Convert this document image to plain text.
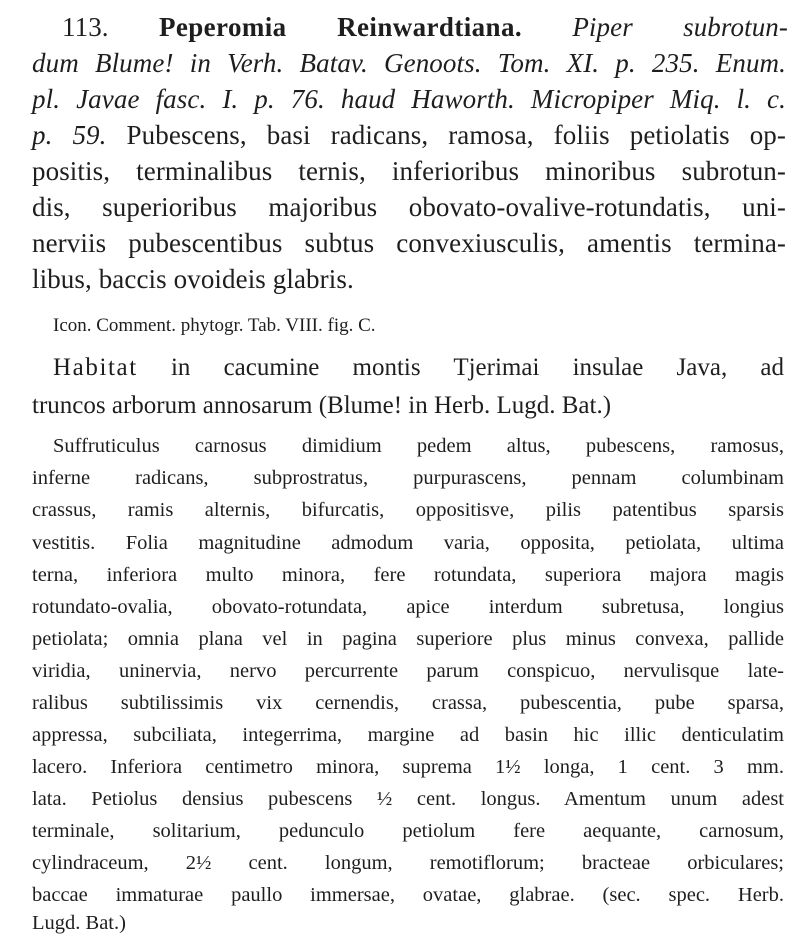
113. Peperomia Reinwardtiana. Piper subrotun-
dum Blume! in Verh. Batav. Genoots. Tom. XI. p. 235. Enum.
pl. Javae fasc. I. p. 76. haud Haworth. Micropiper Miq. l. c.
p. 59. Pubescens, basi radicans, ramosa, foliis petiolatis op-
positis, terminalibus ternis, inferioribus minoribus subrotun-
dis, superioribus majoribus obovato-ovalive-rotundatis, uni-
nerviis pubescentibus subtus convexiusculis, amentis termina-
libus, baccis ovoideis glabris.
Icon. Comment. phytogr. Tab. VIII. fig. C.
Habitat in cacumine montis Tjerimai insulae Java, ad
truncos arborum annosarum (Blume! in Herb. Lugd. Bat.)
Suffruticulus carnosus dimidium pedem altus, pubescens, ramosus,
inferne radicans, subprostratus, purpurascens, pennam columbinam
crassus, ramis alternis, bifurcatis, oppositisve, pilis patentibus sparsis
vestitis. Folia magnitudine admodum varia, opposita, petiolata, ultima
terna, inferiora multo minora, fere rotundata, superiora majora magis
rotundato-ovalia, obovato-rotundata, apice interdum subretusa, longius
petiolata; omnia plana vel in pagina superiore plus minus convexa, pallide
viridia, uninervia, nervo percurrente parum conspicuo, nervulisque late-
ralibus subtilissimis vix cernendis, crassa, pubescentia, pube sparsa,
appressa, subciliata, integerrima, margine ad basin hic illic denticulatim
lacero. Inferiora centimetro minora, suprema 1½ longa, 1 cent. 3 mm.
lata. Petiolus densius pubescens ½ cent. longus. Amentum unum adest
terminale, solitarium, pedunculo petiolum fere aequante, carnosum,
cylindraceum, 2½ cent. longum, remotiflorum; bracteae orbiculares;
baccae immaturae paullo immersae, ovatae, glabrae. (sec. spec. Herb.
Lugd. Bat.)
